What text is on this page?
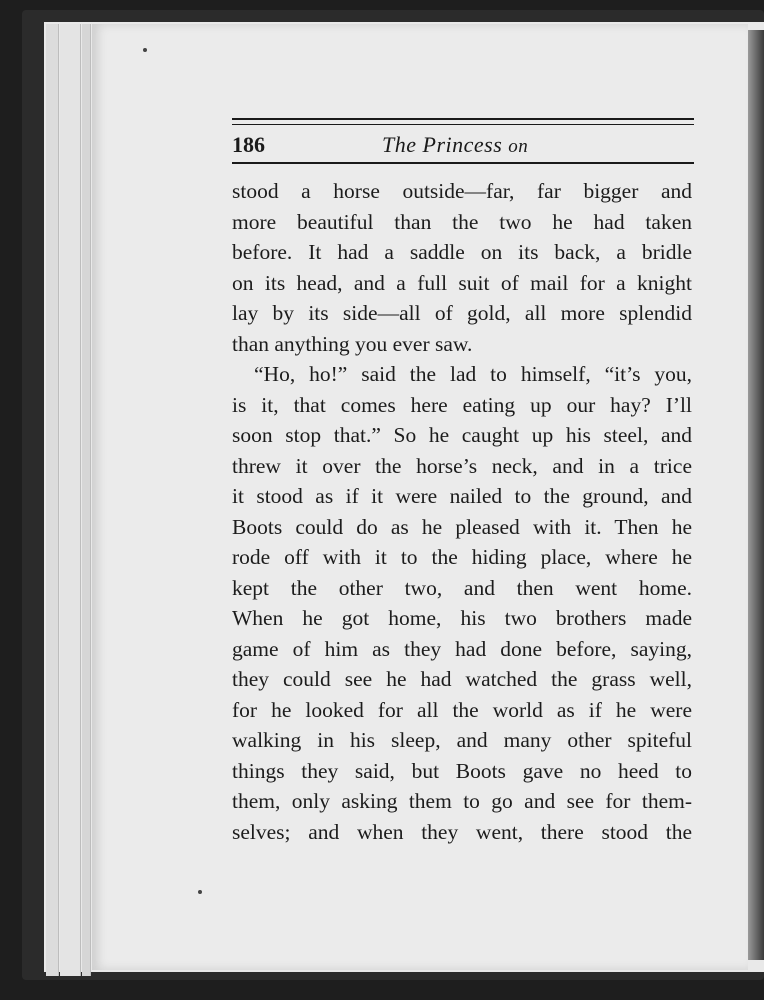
186	The Princess on
stood a horse outside—far, far bigger and
more beautiful than the two he had taken
before. It had a saddle on its back, a bridle
on its head, and a full suit of mail for a knight
lay by its side—all of gold, all more splendid
than anything you ever saw.
“Ho, ho!” said the lad to himself, “it’s you,
is it, that comes here eating up our hay? I’ll
soon stop that.” So he caught up his steel, and
threw it over the horse’s neck, and in a trice
it stood as if it were nailed to the ground, and
Boots could do as he pleased with it. Then he
rode off with it to the hiding place, where he
kept the other two, and then went home.
When he got home, his two brothers made
game of him as they had done before, saying,
they could see he had watched the grass well,
for he looked for all the world as if he were
walking in his sleep, and many other spiteful
things they said, but Boots gave no heed to
them, only asking them to go and see for them-
selves; and when they went, there stood the
